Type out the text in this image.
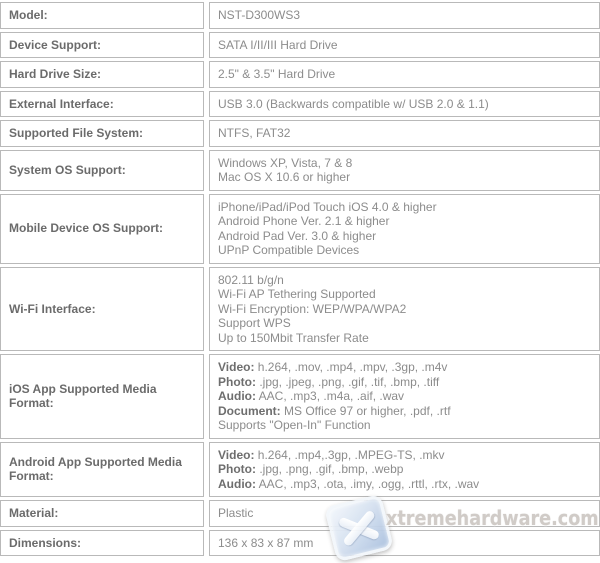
Model:	NST-D300WS3
Device Support:	SATA I/II/III Hard Drive
Hard Drive Size:	2.5" & 3.5" Hard Drive
External Interface:	USB 3.0 (Backwards compatible w/ USB 2.0 & 1.1)
Supported File System:	NTFS, FAT32
System OS Support:
Windows XP, Vista, 7 & 8
Mac OS X 10.6 or higher
Mobile Device OS Support:
iPhone/iPad/iPod Touch iOS 4.0 & higher
Android Phone Ver. 2.1 & higher
Android Pad Ver. 3.0 & higher
UPnP Compatible Devices
Wi-Fi Interface:
802.11 b/g/n
Wi-Fi AP Tethering Supported
Wi-Fi Encryption: WEP/WPA/WPA2
Support WPS
Up to 150Mbit Transfer Rate
iOS App Supported Media Format:
Video: h.264, .mov, .mp4, .mpv, .3gp, .m4v
Photo: .jpg, .jpeg, .png, .gif, .tif, .bmp, .tiff
Audio: AAC, .mp3, .m4a, .aif, .wav
Document: MS Office 97 or higher, .pdf, .rtf
Supports "Open-In" Function
Android App Supported Media Format:
Video: h.264, .mp4,.3gp, .MPEG-TS, .mkv
Photo: .jpg, .png, .gif, .bmp, .webp
Audio: AAC, .mp3, .ota, .imy, .ogg, .rttl, .rtx, .wav
Material:	Plastic
Dimensions:	136 x 83 x 87 mm
xtremehardware.com
